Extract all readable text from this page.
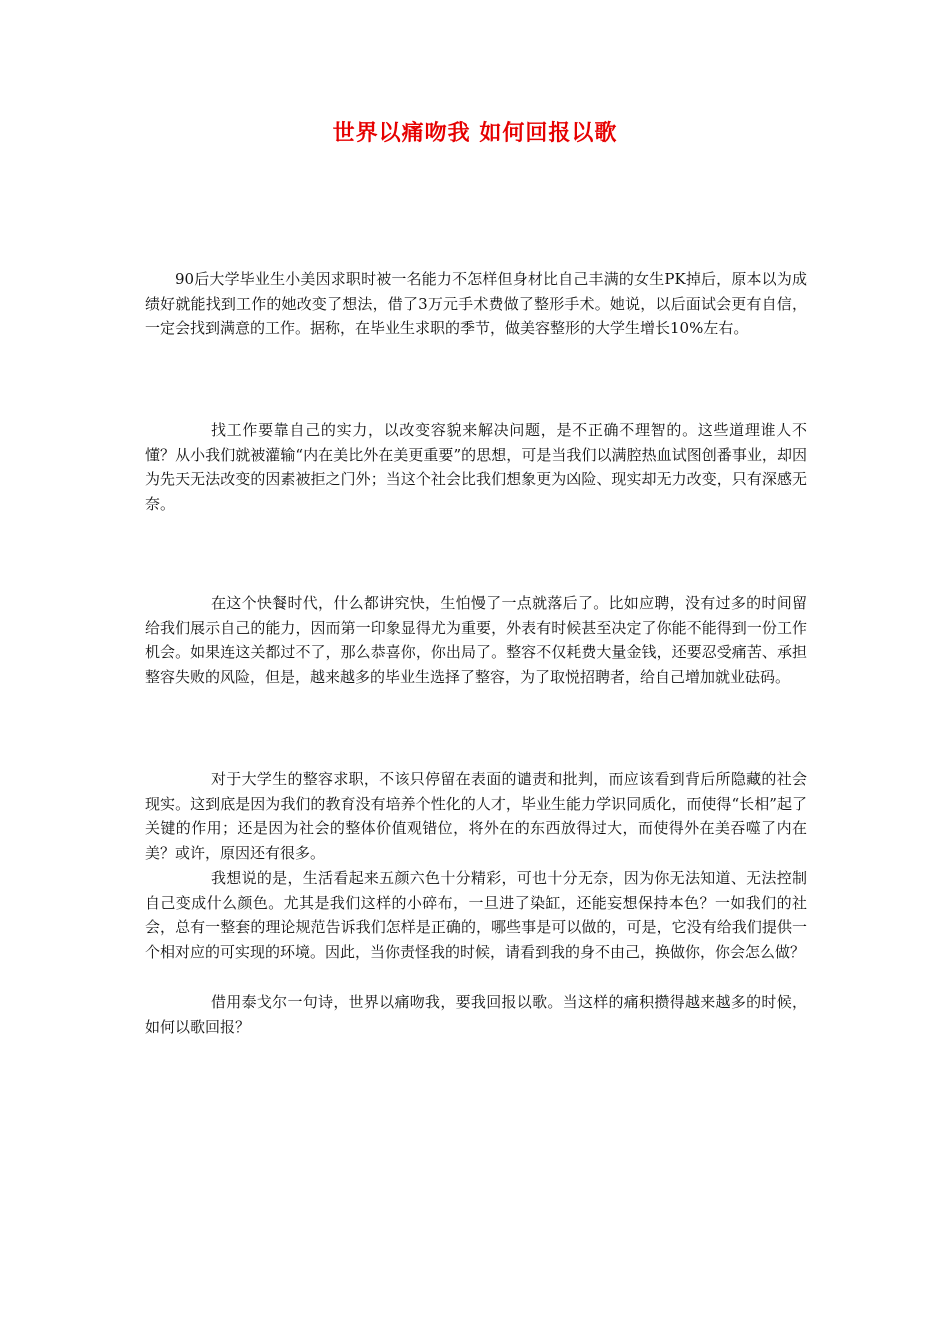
世界以痛吻我 如何回报以歌

90后大学毕业生小美因求职时被一名能力不怎样但身材比自己丰满的女生PK掉后，原本以为成绩好就能找到工作的她改变了想法，借了3万元手术费做了整形手术。她说，以后面试会更有自信，一定会找到满意的工作。据称，在毕业生求职的季节，做美容整形的大学生增长10%左右。

找工作要靠自己的实力，以改变容貌来解决问题，是不正确不理智的。这些道理谁人不懂？从小我们就被灌输“内在美比外在美更重要”的思想，可是当我们以满腔热血试图创番事业，却因为先天无法改变的因素被拒之门外；当这个社会比我们想象更为凶险、现实却无力改变，只有深感无奈。

在这个快餐时代，什么都讲究快，生怕慢了一点就落后了。比如应聘，没有过多的时间留给我们展示自己的能力，因而第一印象显得尤为重要，外表有时候甚至决定了你能不能得到一份工作机会。如果连这关都过不了，那么恭喜你，你出局了。整容不仅耗费大量金钱，还要忍受痛苦、承担整容失败的风险，但是，越来越多的毕业生选择了整容，为了取悦招聘者，给自己增加就业砝码。

对于大学生的整容求职，不该只停留在表面的谴责和批判，而应该看到背后所隐藏的社会现实。这到底是因为我们的教育没有培养个性化的人才，毕业生能力学识同质化，而使得“长相”起了关键的作用；还是因为社会的整体价值观错位，将外在的东西放得过大，而使得外在美吞噬了内在美？或许，原因还有很多。

我想说的是，生活看起来五颜六色十分精彩，可也十分无奈，因为你无法知道、无法控制自己变成什么颜色。尤其是我们这样的小碎布，一旦进了染缸，还能妄想保持本色？一如我们的社会，总有一整套的理论规范告诉我们怎样是正确的，哪些事是可以做的，可是，它没有给我们提供一个相对应的可实现的环境。因此，当你责怪我的时候，请看到我的身不由己，换做你，你会怎么做？

借用泰戈尔一句诗，世界以痛吻我，要我回报以歌。当这样的痛积攒得越来越多的时候，如何以歌回报？
